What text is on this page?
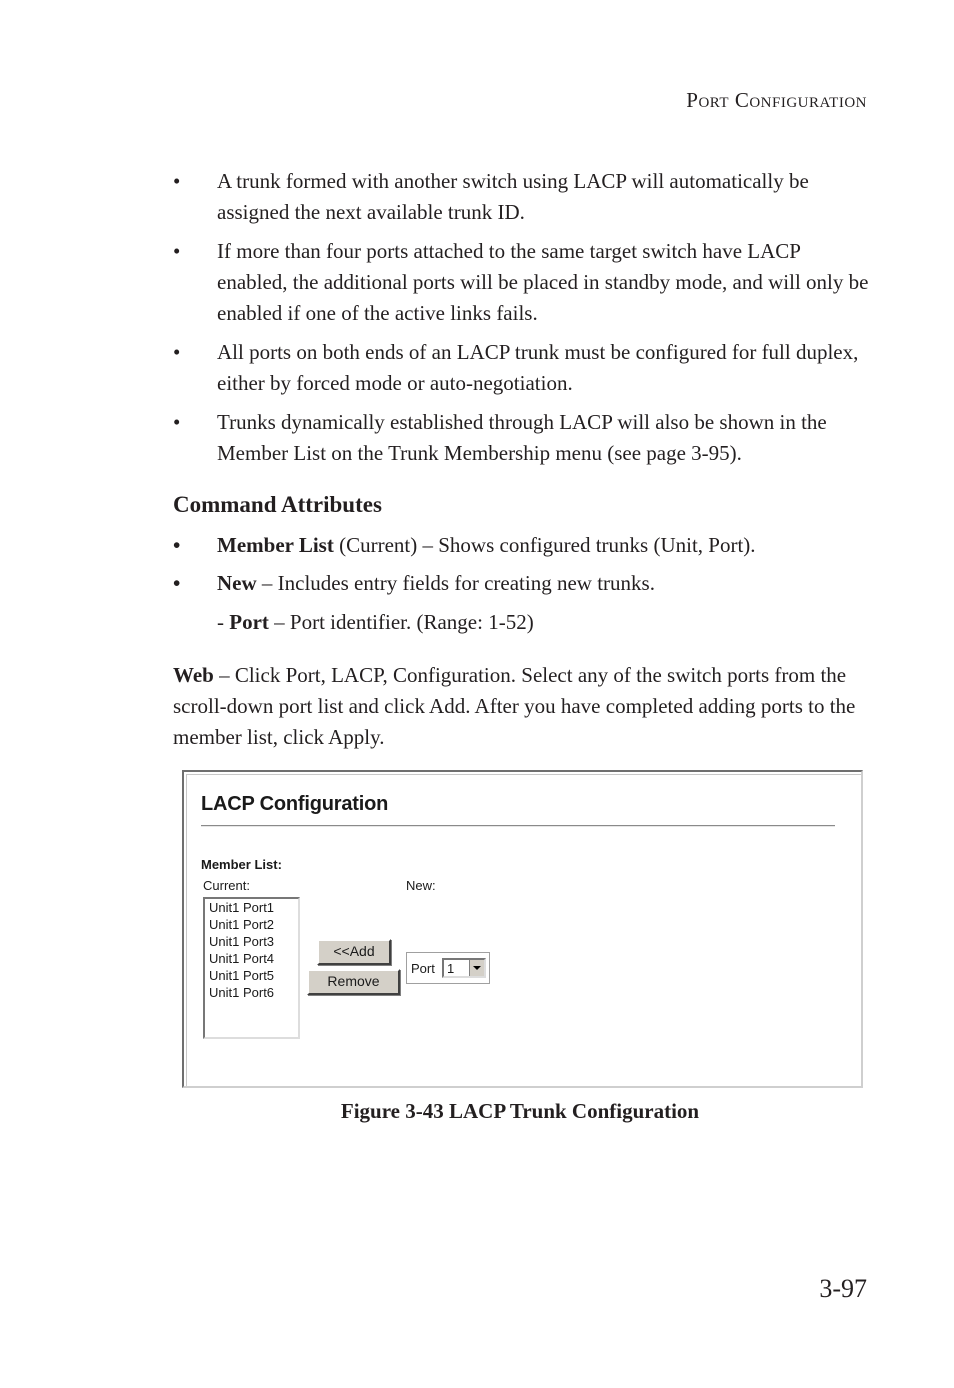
Port Configuration
• A trunk formed with another switch using LACP will automatically be assigned the next available trunk ID.
• If more than four ports attached to the same target switch have LACP enabled, the additional ports will be placed in standby mode, and will only be enabled if one of the active links fails.
• All ports on both ends of an LACP trunk must be configured for full duplex, either by forced mode or auto-negotiation.
• Trunks dynamically established through LACP will also be shown in the Member List on the Trunk Membership menu (see page 3-95).
Command Attributes
• Member List (Current) – Shows configured trunks (Unit, Port).
• New – Includes entry fields for creating new trunks.
- Port – Port identifier. (Range: 1-52)

Web – Click Port, LACP, Configuration. Select any of the switch ports from the scroll-down port list and click Add. After you have completed adding ports to the member list, click Apply.

LACP Configuration
Member List:
Current:	New:
Unit1 Port1
Unit1 Port2
Unit1 Port3
Unit1 Port4
Unit1 Port5
Unit1 Port6
<<Add
Remove
Port 1
Figure 3-43 LACP Trunk Configuration
3-97
